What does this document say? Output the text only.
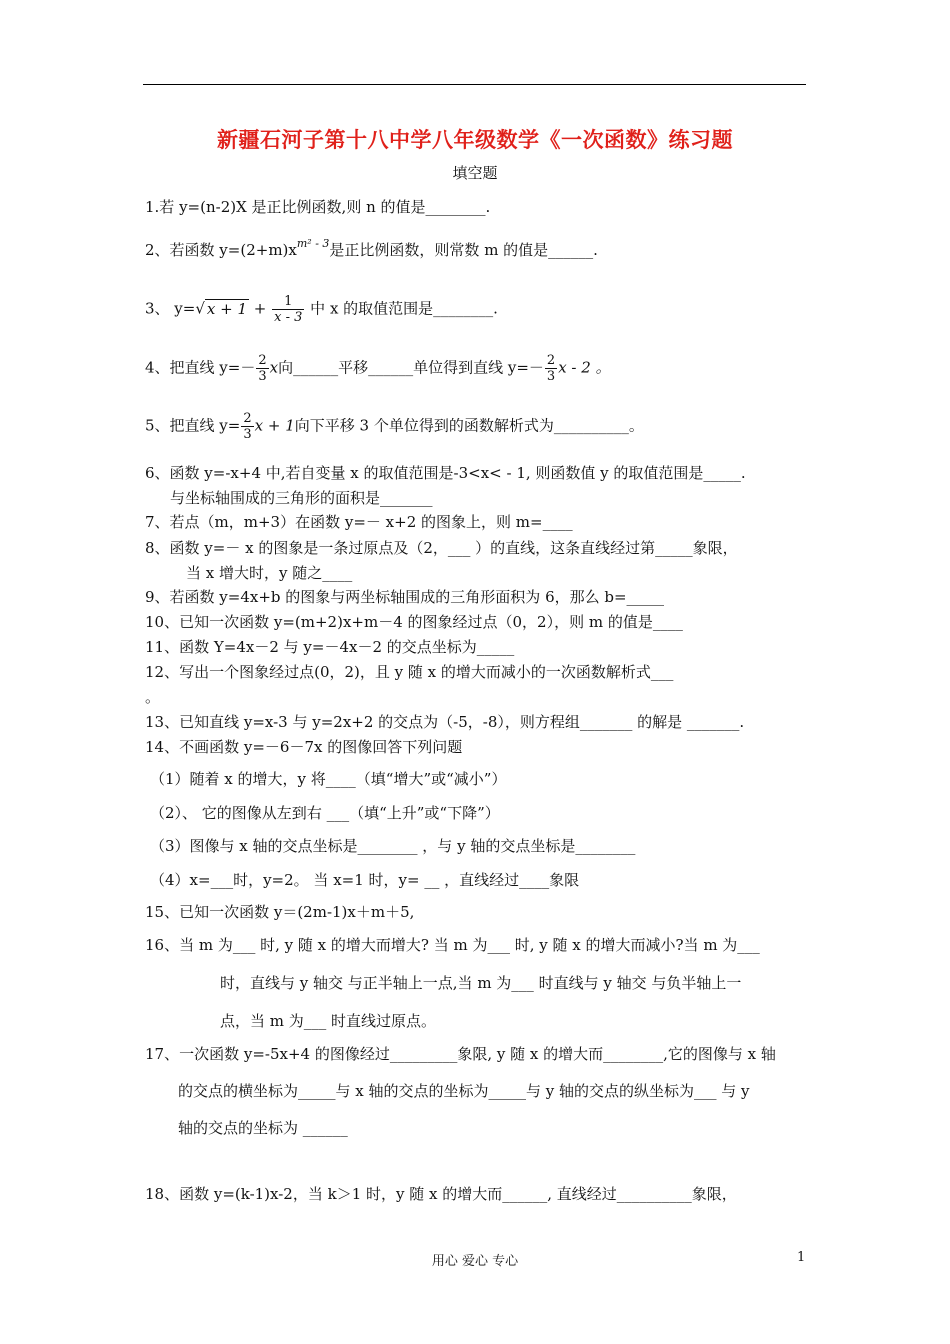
新疆石河子第十八中学八年级数学《一次函数》练习题
填空题
1.若 y=(n-2)X 是正比例函数,则 n 的值是________.
2、若函数 $y=(2+m)x^{m^2 - 3}$是正比例函数，则常数 m 的值是______.
3、 y=√ $x + 1 + \frac{1}{x - 3}$ 中 x 的取值范围是________.
4、把直线 $y=- \frac{2}{3}$ x向______平移______单位得到直线 $y=- \frac{2}{3}$ x - 2 。
5、把直线 $y= \frac{2}{3}$ x + 1向下平移 3 个单位得到的函数解析式为__________。
6、函数 y=-x+4 中,若自变量 x 的取值范围是-3<x< - 1, 则函数值 y 的取值范围是_____.
与坐标轴围成的三角形的面积是_______
7、若点（m，m+3）在函数 y=－ x+2 的图象上，则 m=____
8、函数 y=－ x 的图象是一条过原点及（2，___ ）的直线，这条直线经过第_____象限，
当 x 增大时，y 随之____
9、若函数 y=4x+b 的图象与两坐标轴围成的三角形面积为 6，那么 b=_____
10、已知一次函数 y=(m+2)x+m－4 的图象经过点（0，2），则 m 的值是____
11、函数 Y=4x－2 与 y=－4x－2 的交点坐标为_____
12、写出一个图象经过点(0，2)，且 y 随 x 的增大而减小的一次函数解析式___
。
13、已知直线 y=x-3 与 y=2x+2 的交点为（-5，-8），则方程组_______ 的解是 _______.
14、不画函数 y=－6－7x 的图像回答下列问题
（1）随着 x 的增大，y 将____（填“增大”或“减小”）
（2）、 它的图像从左到右 ___（填“上升”或“下降”）
（3）图像与 x 轴的交点坐标是________ ，与 y 轴的交点坐标是________
（4）x=___时，y=2。 当 x=1 时，y= __ ，直线经过____象限
15、已知一次函数 y＝(2m-1)x＋m＋5,
16、当 m 为___ 时, y 随 x 的增大而增大? 当 m 为___ 时, y 随 x 的增大而减小?当 m 为___
时，直线与 y 轴交 与正半轴上一点,当 m 为___ 时直线与 y 轴交 与负半轴上一
点，当 m 为___ 时直线过原点。
17、一次函数 y=-5x+4 的图像经过_________象限, y 随 x 的增大而________,它的图像与 x 轴
的交点的横坐标为_____与 x 轴的交点的坐标为_____与 y 轴的交点的纵坐标为___ 与 y
轴的交点的坐标为 ______
18、函数 y=(k-1)x-2，当 k＞1 时，y 随 x 的增大而______, 直线经过__________象限，
用心 爱心 专心	1
